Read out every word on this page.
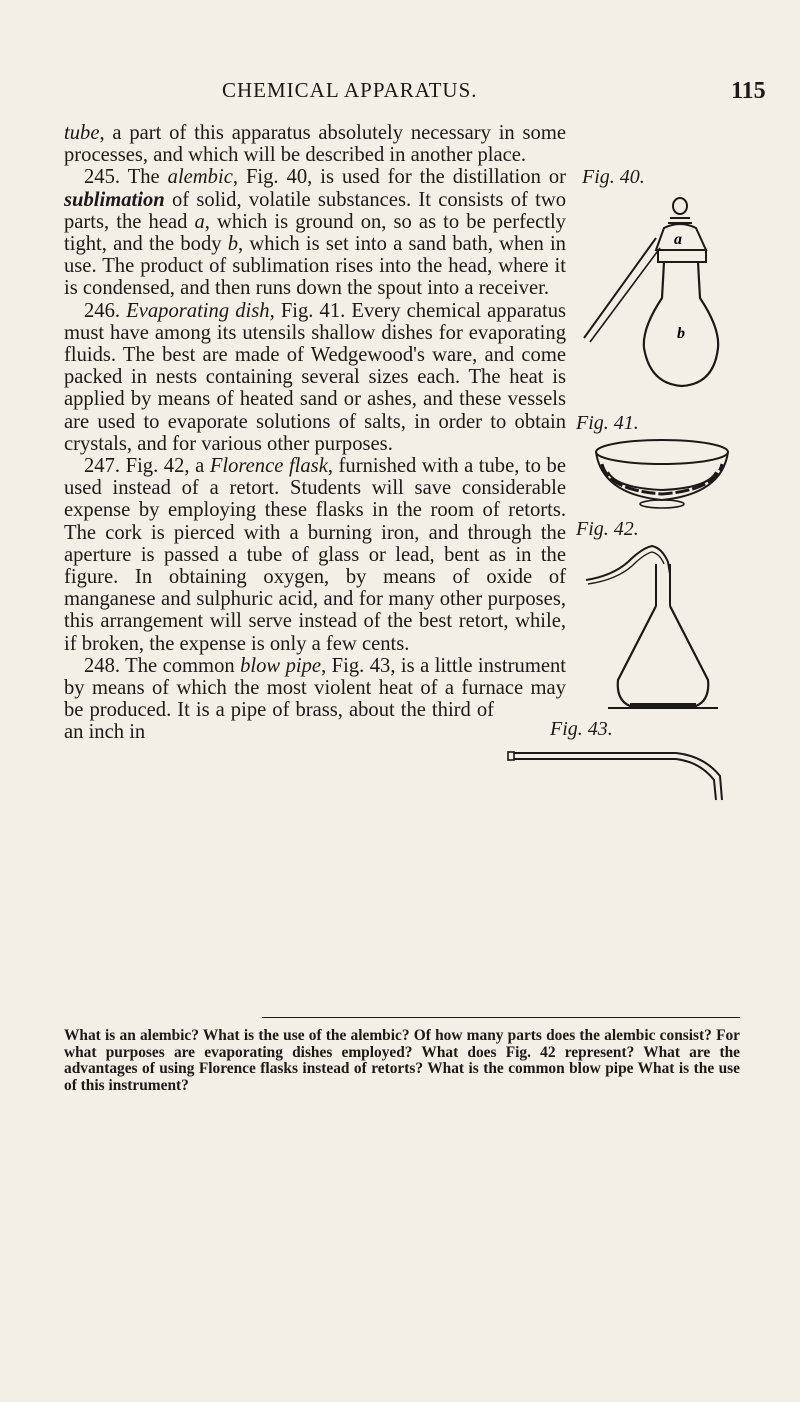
CHEMICAL APPARATUS.	115
Fig. 40.
a
b

tube, a part of this apparatus absolutely necessary in some processes, and which will be described in another place.

245. The alembic, Fig. 40, is used for the distillation or sublimation of solid, volatile substances. It consists of two parts, the head a, which is ground on, so as to be perfectly tight, and the body b, which is set into a sand bath, when in use. The product of sublimation rises into the head, where it is condensed, and then runs down the spout into a receiver.

Fig. 41.

246. Evaporating dish, Fig. 41. Every chemical apparatus must have among its utensils shallow dishes for evaporating fluids. The best are made of Wedgewood's ware, and come packed in nests containing several sizes each. The heat is applied by means of heated sand or ashes, and these vessels are used to evaporate solutions of salts, in order to obtain crystals, and for various other purposes.

Fig. 42.

247. Fig. 42, a Florence flask, furnished with a tube, to be used instead of a retort. Students will save considerable expense by employing these flasks in the room of retorts. The cork is pierced with a burning iron, and through the aperture is passed a tube of glass or lead, bent as in the figure. In obtaining oxygen, by means of oxide of manganese and sulphuric acid, and for many other purposes, this arrangement will serve instead of the best retort, while, if broken, the expense is only a few cents.

Fig. 43.

248. The common blow pipe, Fig. 43, is a little instrument by means of which the most violent heat of a furnace may be produced. It is a pipe of brass, about the third of an inch in

What is an alembic? What is the use of the alembic? Of how many parts does the alembic consist? For what purposes are evaporating dishes employed? What does Fig. 42 represent? What are the advantages of using Florence flasks instead of retorts? What is the common blow pipe What is the use of this instrument?
